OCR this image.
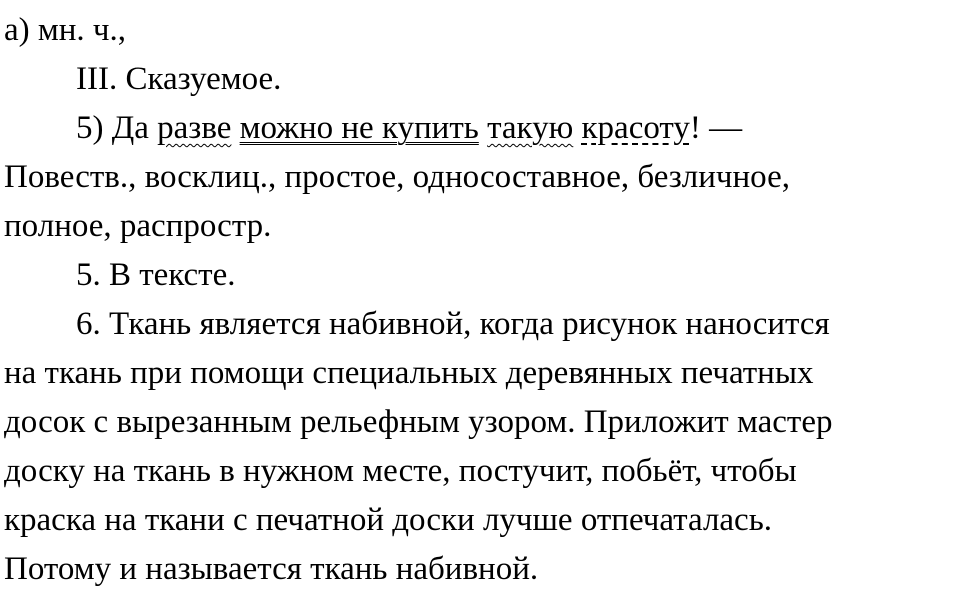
а) мн. ч.,
III. Сказуемое.
5) Да разве можно не купить такую красоту! —
Повеств., восклиц., простое, односоставное, безличное,
полное, распростр.
5. В тексте.
6. Ткань является набивной, когда рисунок наносится
на ткань при помощи специальных деревянных печатных
досок с вырезанным рельефным узором. Приложит мастер
доску на ткань в нужном месте, постучит, побьёт, чтобы
краска на ткани с печатной доски лучше отпечаталась.
Потому и называется ткань набивной.
